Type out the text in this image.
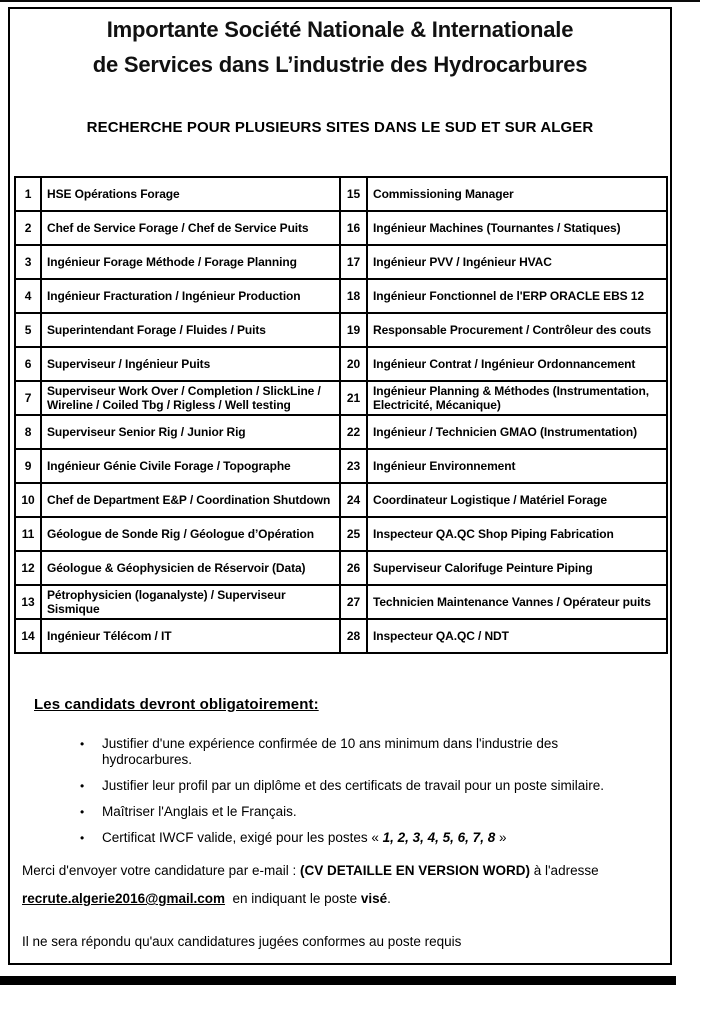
Importante Société Nationale & Internationale
de Services dans L’industrie des Hydrocarbures
RECHERCHE POUR PLUSIEURS SITES DANS LE SUD ET SUR ALGER
1	HSE Opérations Forage	15	Commissioning Manager
2	Chef de Service Forage / Chef de Service Puits	16	Ingénieur Machines (Tournantes / Statiques)
3	Ingénieur Forage Méthode / Forage Planning	17	Ingénieur PVV / Ingénieur HVAC
4	Ingénieur Fracturation / Ingénieur Production	18	Ingénieur Fonctionnel de l'ERP ORACLE EBS 12
5	Superintendant Forage / Fluides / Puits	19	Responsable Procurement / Contrôleur des couts
6	Superviseur / Ingénieur Puits	20	Ingénieur Contrat / Ingénieur Ordonnancement
7	Superviseur Work Over / Completion / SlickLine / Wireline / Coiled Tbg / Rigless / Well testing	21	Ingénieur Planning & Méthodes (Instrumentation, Electricité, Mécanique)
8	Superviseur Senior Rig / Junior Rig	22	Ingénieur / Technicien GMAO (Instrumentation)
9	Ingénieur Génie Civile Forage / Topographe	23	Ingénieur Environnement
10	Chef de Department E&P / Coordination Shutdown	24	Coordinateur Logistique / Matériel Forage
11	Géologue de Sonde Rig / Géologue d’Opération	25	Inspecteur QA.QC Shop Piping Fabrication
12	Géologue & Géophysicien de Réservoir (Data)	26	Superviseur Calorifuge Peinture Piping
13	Pétrophysicien (loganalyste) / Superviseur Sismique	27	Technicien Maintenance Vannes / Opérateur puits
14	Ingénieur Télécom / IT	28	Inspecteur QA.QC / NDT
Les candidats devront obligatoirement:
• Justifier d'une expérience confirmée de 10 ans minimum dans l'industrie des hydrocarbures.
• Justifier leur profil par un diplôme et des certificats de travail pour un poste similaire.
• Maîtriser l'Anglais et le Français.
• Certificat IWCF valide, exigé pour les postes « 1, 2, 3, 4, 5, 6, 7, 8 »
Merci d'envoyer votre candidature par e-mail : (CV DETAILLE EN VERSION WORD) à l'adresse
recrute.algerie2016@gmail.com  en indiquant le poste visé.
Il ne sera répondu qu'aux candidatures jugées conformes au poste requis
